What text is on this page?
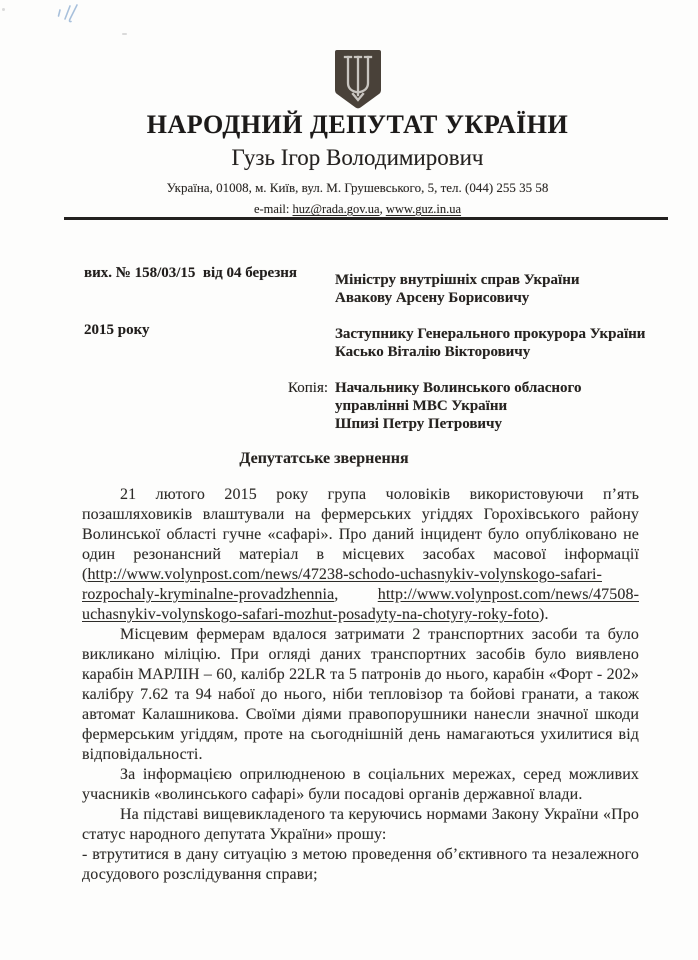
НАРОДНИЙ ДЕПУТАТ УКРАЇНИ
Гузь Ігор Володимирович
Україна, 01008, м. Київ, вул. М. Грушевського, 5, тел. (044) 255 35 58
e-mail: huz@rada.gov.ua, www.guz.in.ua

вих. № 158/03/15  від 04 березня

2015 року

Міністру внутрішніх справ України
Авакову Арсену Борисовичу
Заступнику Генерального прокурора України
Касько Віталію Вікторовичу
Копія: Начальнику Волинського обласного
управлінні МВС України
Шпизі Петру Петровичу
Депутатське звернення

21 лютого 2015 року група чоловіків використовуючи п’ять позашляховиків влаштували на фермерських угіддях Горохівського району Волинської області гучне «сафарі». Про даний інцидент було опубліковано не один резонансний матеріал в місцевих засобах масової інформації (http://www.volynpost.com/news/47238-schodo-uchasnykiv-volynskogo-safari-rozpochaly-kryminalne-provadzhennia, http://www.volynpost.com/news/47508-uchasnykiv-volynskogo-safari-mozhut-posadyty-na-chotyry-roky-foto).

Місцевим фермерам вдалося затримати 2 транспортних засоби та було викликано міліцію. При огляді даних транспортних засобів було виявлено карабін МАРЛІН – 60, калібр 22LR та 5 патронів до нього, карабін «Форт - 202» калібру 7.62 та 94 набої до нього, ніби тепловізор та бойові гранати, а також автомат Калашникова. Своїми діями правопорушники нанесли значної шкоди фермерським угіддям, проте на сьогоднішній день намагаються ухилитися від відповідальності.

За інформацією оприлюдненою в соціальних мережах, серед можливих учасників «волинського сафарі» були посадові органів державної влади.

На підставі вищевикладеного та керуючись нормами Закону України «Про статус народного депутата України» прошу:

- втрутитися в дану ситуацію з метою проведення об’єктивного та незалежного досудового розслідування справи;
